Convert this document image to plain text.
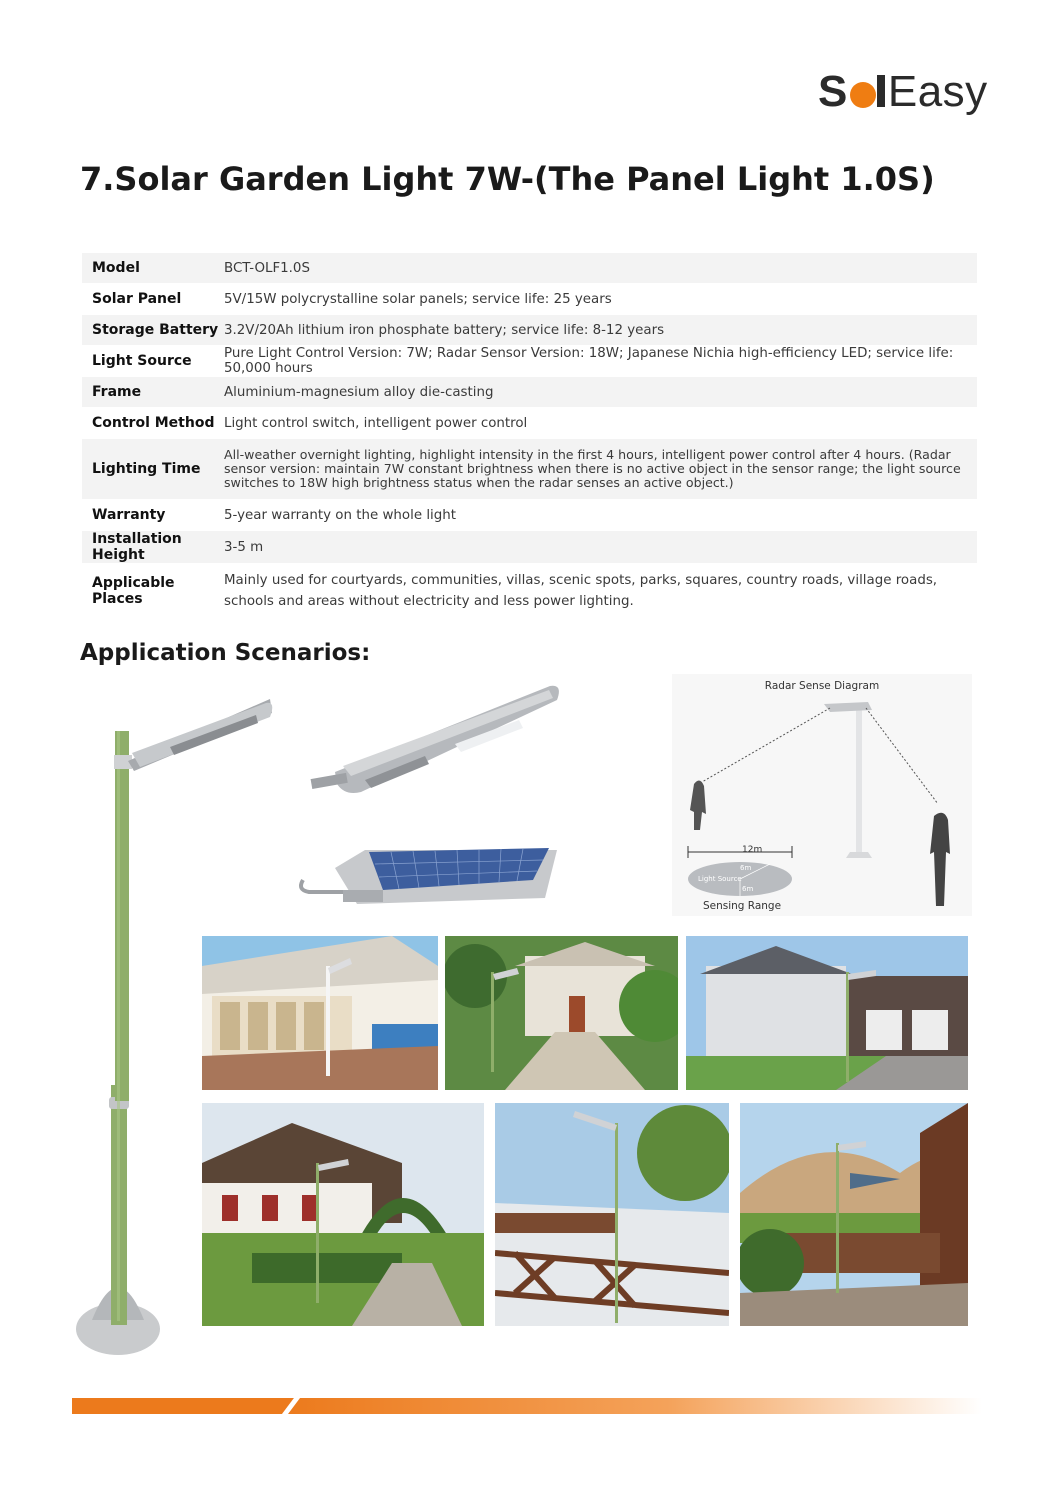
S Easy
7.Solar Garden Light 7W-(The Panel Light 1.0S)
Model	BCT-OLF1.0S
Solar Panel	5V/15W polycrystalline solar panels; service life: 25 years
Storage Battery	3.2V/20Ah lithium iron phosphate battery; service life: 8-12 years
Light Source	Pure Light Control Version: 7W; Radar Sensor Version: 18W; Japanese Nichia high-efficiency LED; service life: 50,000 hours
Frame	Aluminium-magnesium alloy die-casting
Control Method	Light control switch, intelligent power control
Lighting Time	All-weather overnight lighting, highlight intensity in the first 4 hours, intelligent power control after 4 hours. (Radar sensor version: maintain 7W constant brightness when there is no active object in the sensor range; the light source switches to 18W high brightness status when the radar senses an active object.)
Warranty	5-year warranty on the whole light
Installation Height	3-5 m
Applicable Places	Mainly used for courtyards, communities, villas, scenic spots, parks, squares, country roads, village roads, schools and areas without electricity and less power lighting.
Application Scenarios:
Radar Sense Diagram
12m
Light Source
6m
6m
Sensing Range
